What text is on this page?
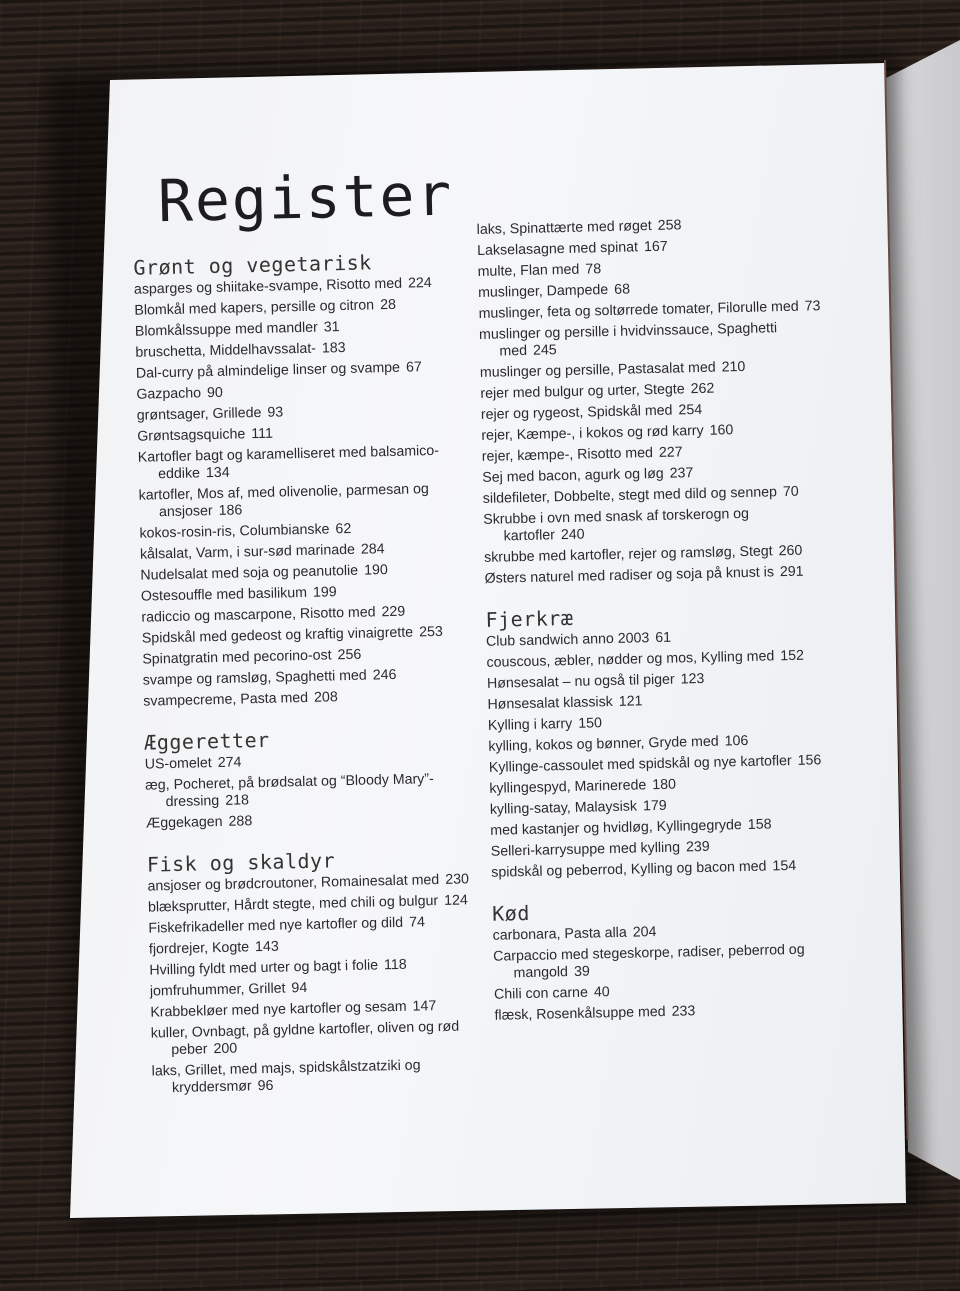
Register
Grønt og vegetarisk

asparges og shiitake-svampe, Risotto med 224

Blomkål med kapers, persille og citron 28

Blomkålssuppe med mandler 31

bruschetta, Middelhavssalat- 183

Dal-curry på almindelige linser og svampe 67

Gazpacho 90

grøntsager, Grillede 93

Grøntsagsquiche 111

Kartofler bagt og karamelliseret med balsamico-eddike 134

kartofler, Mos af, med olivenolie, parmesan og ansjoser 186

kokos-rosin-ris, Columbianske 62

kålsalat, Varm, i sur-sød marinade 284

Nudelsalat med soja og peanutolie 190

Ostesouffle med basilikum 199

radiccio og mascarpone, Risotto med 229

Spidskål med gedeost og kraftig vinaigrette 253

Spinatgratin med pecorino-ost 256

svampe og ramsløg, Spaghetti med 246

svampecreme, Pasta med 208

Æggeretter

US-omelet 274

æg, Pocheret, på brødsalat og “Bloody Mary”-dressing 218

Æggekagen 288

Fisk og skaldyr

ansjoser og brødcroutoner, Romainesalat med 230

blæksprutter, Hårdt stegte, med chili og bulgur 124

Fiskefrikadeller med nye kartofler og dild 74

fjordrejer, Kogte 143

Hvilling fyldt med urter og bagt i folie 118

jomfruhummer, Grillet 94

Krabbekløer med nye kartofler og sesam 147

kuller, Ovnbagt, på gyldne kartofler, oliven og rød peber 200

laks, Grillet, med majs, spidskålstzatziki og kryddersmør 96

laks, Spinattærte med røget 258

Lakselasagne med spinat 167

multe, Flan med 78

muslinger, Dampede 68

muslinger, feta og soltørrede tomater, Filorulle med 73

muslinger og persille i hvidvinssauce, Spaghetti med 245

muslinger og persille, Pastasalat med 210

rejer med bulgur og urter, Stegte 262

rejer og rygeost, Spidskål med 254

rejer, Kæmpe-, i kokos og rød karry 160

rejer, kæmpe-, Risotto med 227

Sej med bacon, agurk og løg 237

sildefileter, Dobbelte, stegt med dild og sennep 70

Skrubbe i ovn med snask af torskerogn og kartofler 240

skrubbe med kartofler, rejer og ramsløg, Stegt 260

Østers naturel med radiser og soja på knust is 291

Fjerkræ

Club sandwich anno 2003 61

couscous, æbler, nødder og mos, Kylling med 152

Hønsesalat – nu også til piger 123

Hønsesalat klassisk 121

Kylling i karry 150

kylling, kokos og bønner, Gryde med 106

Kyllinge-cassoulet med spidskål og nye kartofler 156

kyllingespyd, Marinerede 180

kylling-satay, Malaysisk 179

med kastanjer og hvidløg, Kyllingegryde 158

Selleri-karrysuppe med kylling 239

spidskål og peberrod, Kylling og bacon med 154

Kød

carbonara, Pasta alla 204

Carpaccio med stegeskorpe, radiser, peberrod og mangold 39

Chili con carne 40

flæsk, Rosenkålsuppe med 233
